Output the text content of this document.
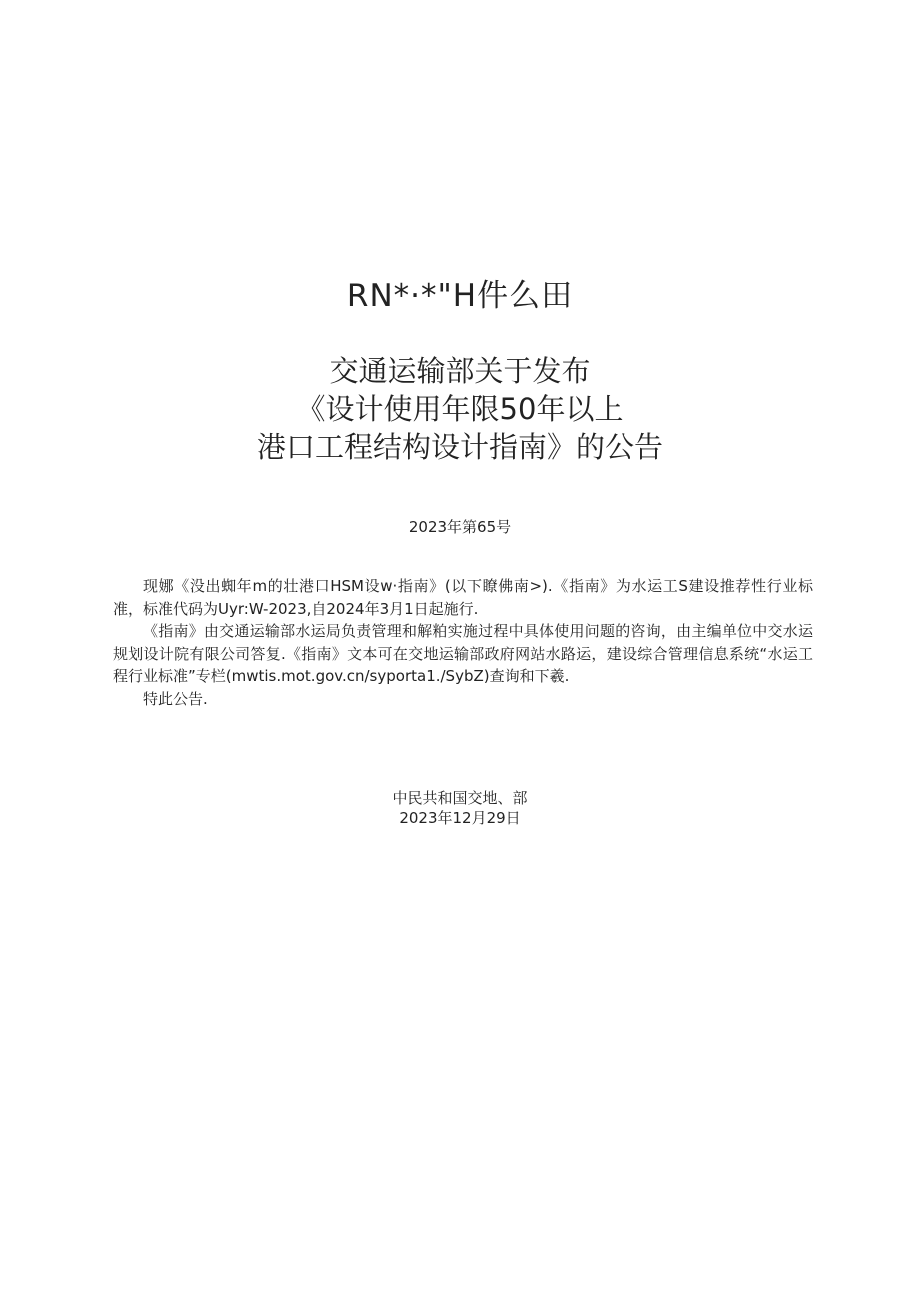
RN*·*"H件么田
交通运输部关于发布
《设计使用年限50年以上
港口工程结构设计指南》的公告
2023年第65号

现娜《没出蜘年m的壮港口HSM设w·指南》(以下瞭佛南>).《指南》为水运工S建设推荐性行业标准，标准代码为Uyr:W-2023,自2024年3月1日起施行.

《指南》由交通运输部水运局负责管理和解粕实施过程中具体使用问题的咨询，由主编单位中交水运规划设计院有限公司答复.《指南》文本可在交地运输部政府网站水路运，建设综合管理信息系统“水运工程行业标准”专栏(mwtis.mot.gov.cn/syporta1./SybZ)查询和下羲.

特此公告.

中民共和国交地、部
2023年12月29日
